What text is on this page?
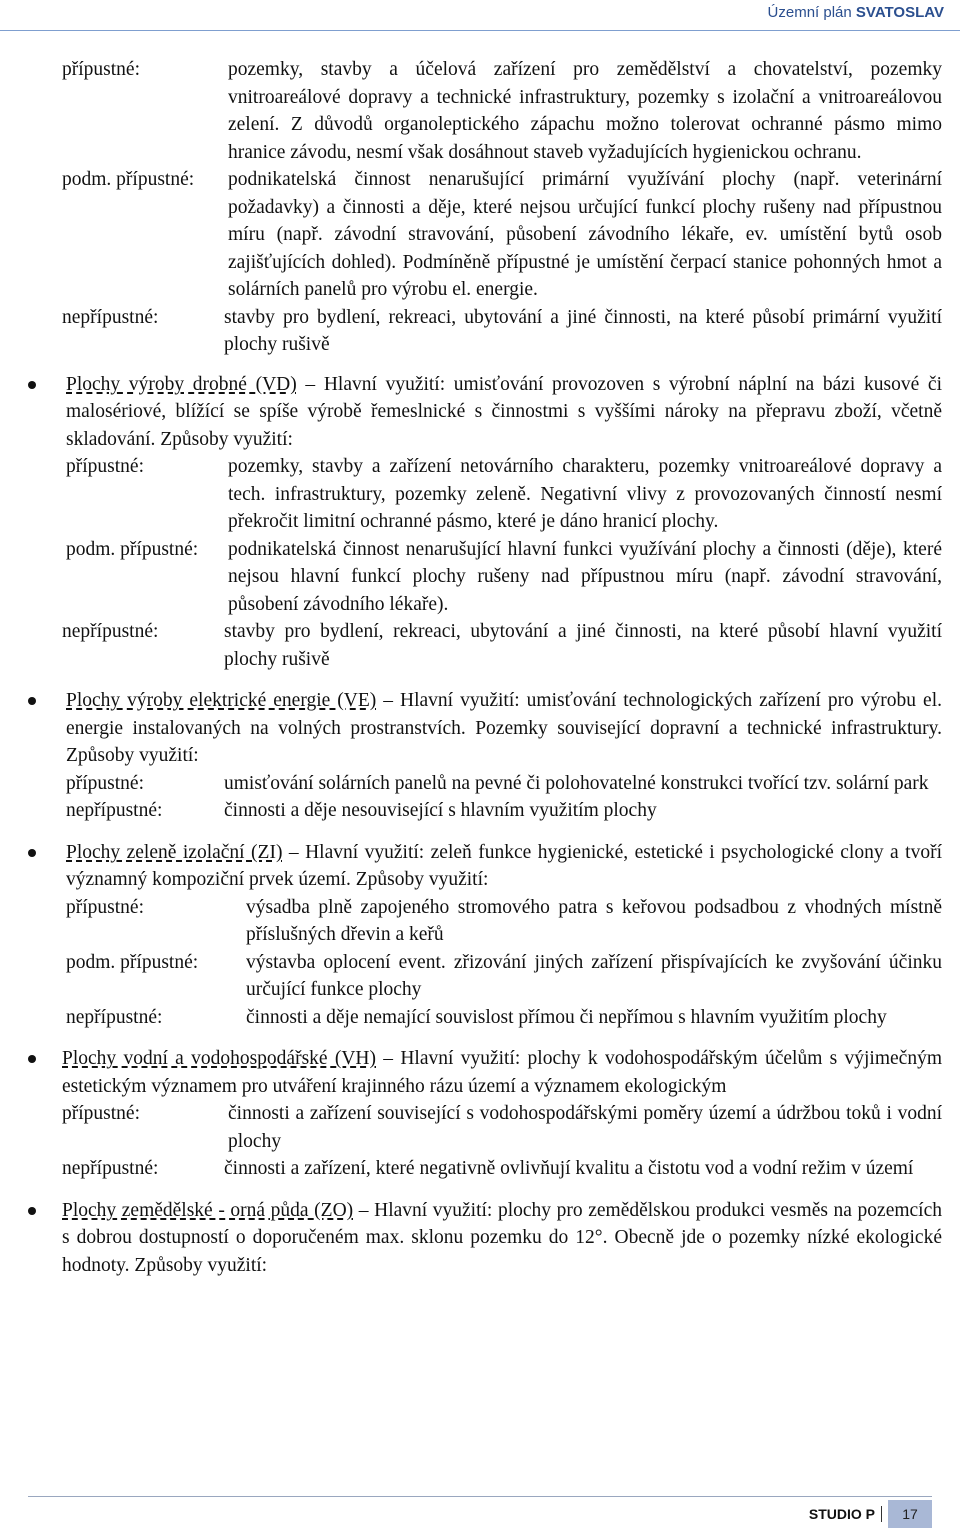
Územní plán SVATOSLAV
přípustné:	pozemky, stavby a účelová zařízení pro zemědělství a chovatelství, pozemky vnitroareálové dopravy a technické infrastruktury, pozemky s izolační a vnitroareálovou zelení. Z důvodů organoleptického zápachu možno tolerovat ochranné pásmo mimo hranice závodu, nesmí však dosáhnout staveb vyžadujících hygienickou ochranu.
podm. přípustné:	podnikatelská činnost nenarušující primární využívání plochy (např. veterinární požadavky) a činnosti a děje, které nejsou určující funkcí plochy rušeny nad přípustnou míru (např. závodní stravování, působení závodního lékaře, ev. umístění bytů osob zajišťujících dohled). Podmíněně přípustné je umístění čerpací stanice pohonných hmot a solárních panelů pro výrobu el. energie.
nepřípustné:	stavby pro bydlení, rekreaci, ubytování a jiné činnosti, na které působí primární využití plochy rušivě
Plochy výroby drobné (VD) – Hlavní využití: umisťování provozoven s výrobní náplní na bázi kusové či malosériové, blížící se spíše výrobě řemeslnické s činnostmi s vyššími nároky na přepravu zboží, včetně skladování. Způsoby využití:
přípustné:	pozemky, stavby a zařízení netovárního charakteru, pozemky vnitroareálové dopravy a tech. infrastruktury, pozemky zeleně. Negativní vlivy z provozovaných činností nesmí překročit limitní ochranné pásmo, které je dáno hranicí plochy.
podm. přípustné:	podnikatelská činnost nenarušující hlavní funkci využívání plochy a činnosti (děje), které nejsou hlavní funkcí plochy rušeny nad přípustnou míru (např. závodní stravování, působení závodního lékaře).
nepřípustné:	stavby pro bydlení, rekreaci, ubytování a jiné činnosti, na které působí hlavní využití plochy rušivě
Plochy výroby elektrické energie (VE) – Hlavní využití: umisťování technologických zařízení pro výrobu el. energie instalovaných na volných prostranstvích. Pozemky související dopravní a technické infrastruktury. Způsoby využití:
přípustné:	umisťování solárních panelů na pevné či polohovatelné konstrukci tvořící tzv. solární park
nepřípustné:	činnosti a děje nesouvisející s hlavním využitím plochy
Plochy zeleně izolační (ZI) – Hlavní využití: zeleň funkce hygienické, estetické i psychologické clony a tvoří významný kompoziční prvek území. Způsoby využití:
přípustné:	výsadba plně zapojeného stromového patra s keřovou podsadbou z vhodných místně příslušných dřevin a keřů
podm. přípustné:	výstavba oplocení event. zřizování jiných zařízení přispívajících ke zvyšování účinku určující funkce plochy
nepřípustné:	činnosti a děje nemající souvislost přímou či nepřímou s hlavním využitím plochy
Plochy vodní a vodohospodářské (VH) – Hlavní využití: plochy k vodohospodářským účelům s výjimečným estetickým významem pro utváření krajinného rázu území a významem ekologickým
přípustné:	činnosti a zařízení související s vodohospodářskými poměry území a údržbou toků i vodní plochy
nepřípustné:	činnosti a zařízení, které negativně ovlivňují kvalitu a čistotu vod a vodní režim v území
Plochy zemědělské - orná půda (ZO) – Hlavní využití: plochy pro zemědělskou produkci vesměs na pozemcích s dobrou dostupností o doporučeném max. sklonu pozemku do 12°. Obecně jde o pozemky nízké ekologické hodnoty. Způsoby využití:
STUDIO P	17
